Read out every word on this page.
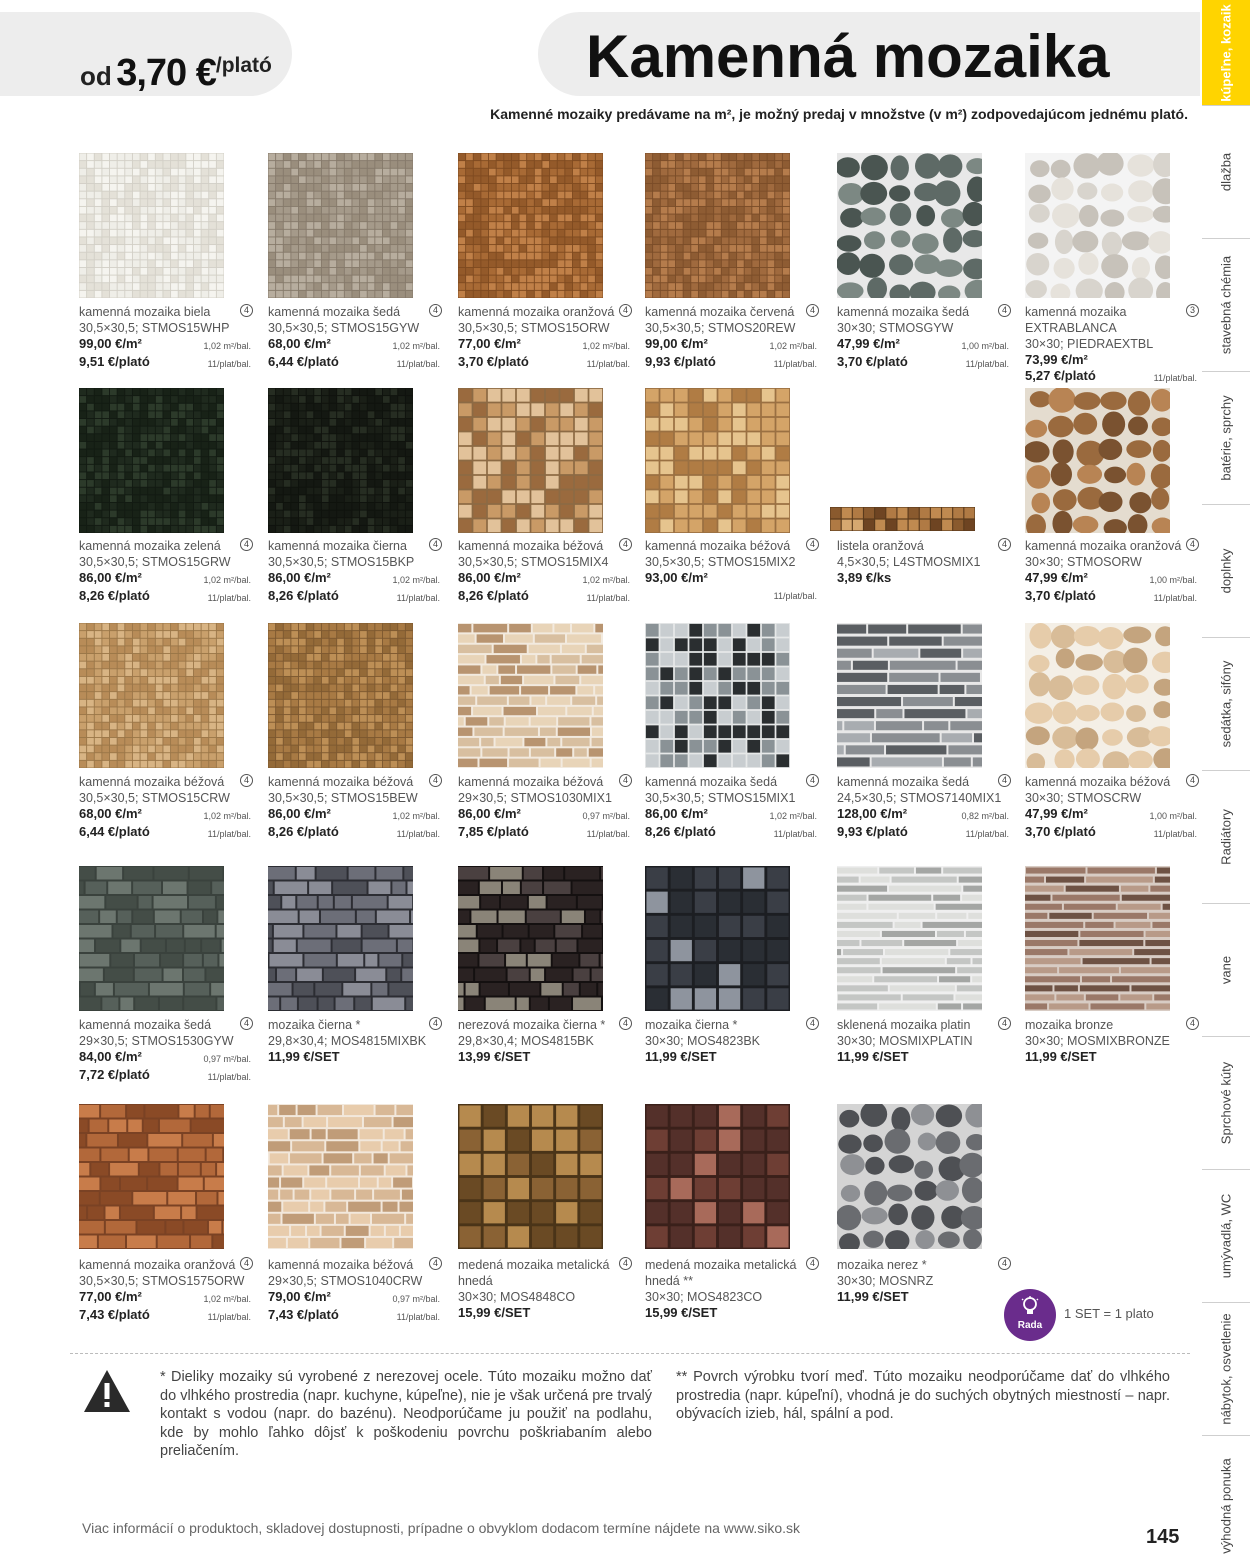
od 3,70 €/plató	Kamenná mozaika
Kamenné mozaiky predávame na m², je možný predaj v množstve (v m²) zodpovedajúcom jednému plató.
kúpeľne, kozaik
dlažba
stavebná chémia
batérie, sprchy
doplnky
sedátka, sifóny
Radiátory
vane
Sprchové kúty
umývadlá, WC
nábytok, osvetlenie
výhodná ponuka
kamenná mozaika biela	4
30,5×30,5; STMOS15WHP
99,00 €/m²	1,02 m²/bal.
9,51 €/plató	11/plat/bal.
kamenná mozaika šedá	4
30,5×30,5; STMOS15GYW
68,00 €/m²	1,02 m²/bal.
6,44 €/plató	11/plat/bal.
kamenná mozaika oranžová 4
30,5×30,5; STMOS15ORW
77,00 €/m²	1,02 m²/bal.
3,70 €/plató	11/plat/bal.
kamenná mozaika červená	4
30,5×30,5; STMOS20REW
99,00 €/m²	1,02 m²/bal.
9,93 €/plató	11/plat/bal.
kamenná mozaika šedá	4
30×30; STMOSGYW
47,99 €/m²	1,00 m²/bal.
3,70 €/plató	11/plat/bal.
kamenná mozaika	3
EXTRABLANCA
30×30; PIEDRAEXTBL
73,99 €/m²
5,27 €/plató	11/plat/bal.
kamenná mozaika zelená	4
30,5×30,5; STMOS15GRW
86,00 €/m²	1,02 m²/bal.
8,26 €/plató	11/plat/bal.
kamenná mozaika čierna	4
30,5×30,5; STMOS15BKP
86,00 €/m²	1,02 m²/bal.
8,26 €/plató	11/plat/bal.
kamenná mozaika béžová	4
30,5×30,5; STMOS15MIX4
86,00 €/m²	1,02 m²/bal.
8,26 €/plató	11/plat/bal.
kamenná mozaika béžová	4
30,5×30,5; STMOS15MIX2
93,00 €/m²
11/plat/bal.
listela oranžová	4
4,5×30,5; L4STMOSMIX1
3,89 €/ks
kamenná mozaika oranžová 4
30×30; STMOSORW
47,99 €/m²	1,00 m²/bal.
3,70 €/plató	11/plat/bal.
kamenná mozaika béžová	4
30,5×30,5; STMOS15CRW
68,00 €/m²	1,02 m²/bal.
6,44 €/plató	11/plat/bal.
kamenná mozaika béžová	4
30,5×30,5; STMOS15BEW
86,00 €/m²	1,02 m²/bal.
8,26 €/plató	11/plat/bal.
kamenná mozaika béžová	4
29×30,5; STMOS1030MIX1
86,00 €/m²	0,97 m²/bal.
7,85 €/plató	11/plat/bal.
kamenná mozaika šedá	4
30,5×30,5; STMOS15MIX1
86,00 €/m²	1,02 m²/bal.
8,26 €/plató	11/plat/bal.
kamenná mozaika šedá	4
24,5×30,5; STMOS7140MIX1
128,00 €/m²	0,82 m²/bal.
9,93 €/plató	11/plat/bal.
kamenná mozaika béžová	4
30×30; STMOSCRW
47,99 €/m²	1,00 m²/bal.
3,70 €/plató	11/plat/bal.
kamenná mozaika šedá	4
29×30,5; STMOS1530GYW
84,00 €/m²	0,97 m²/bal.
7,72 €/plató	11/plat/bal.
mozaika čierna *	4
29,8×30,4; MOS4815MIXBK
11,99 €/SET
nerezová mozaika čierna *	4
29,8×30,4; MOS4815BK
13,99 €/SET
mozaika čierna *	4
30×30; MOS4823BK
11,99 €/SET
sklenená mozaika platin	4
30×30; MOSMIXPLATIN
11,99 €/SET
mozaika bronze	4
30×30; MOSMIXBRONZE
11,99 €/SET
kamenná mozaika oranžová 4
30,5×30,5; STMOS1575ORW
77,00 €/m²	1,02 m²/bal.
7,43 €/plató	11/plat/bal.
kamenná mozaika béžová	4
29×30,5; STMOS1040CRW
79,00 €/m²	0,97 m²/bal.
7,43 €/plató	11/plat/bal.
medená mozaika metalická	4
hnedá
30×30; MOS4848CO
15,99 €/SET
medená mozaika metalická	4
hnedá **
30×30; MOS4823CO
15,99 €/SET
mozaika nerez *	4
30×30; MOSNRZ
11,99 €/SET
Rada
1 SET = 1 plato
* Dieliky mozaiky sú vyrobené z nerezovej ocele. Túto mozaiku možno dať do vlhkého prostredia (napr. kuchyne, kúpeľne), nie je však určená pre trvalý kontakt s vodou (napr. do bazénu). Neodporúčame ju použiť na podlahu, kde by mohlo ľahko dôjsť k poškodeniu povrchu poškriabaním alebo preliačením.
** Povrch výrobku tvorí meď. Túto mozaiku neodporúčame dať do vlhkého prostredia (napr. kúpeľní), vhodná je do suchých obytných miestností – napr. obývacích izieb, hál, spální a pod.
Viac informácií o produktoch, skladovej dostupnosti, prípadne o obvyklom dodacom termíne nájdete na www.siko.sk	145
